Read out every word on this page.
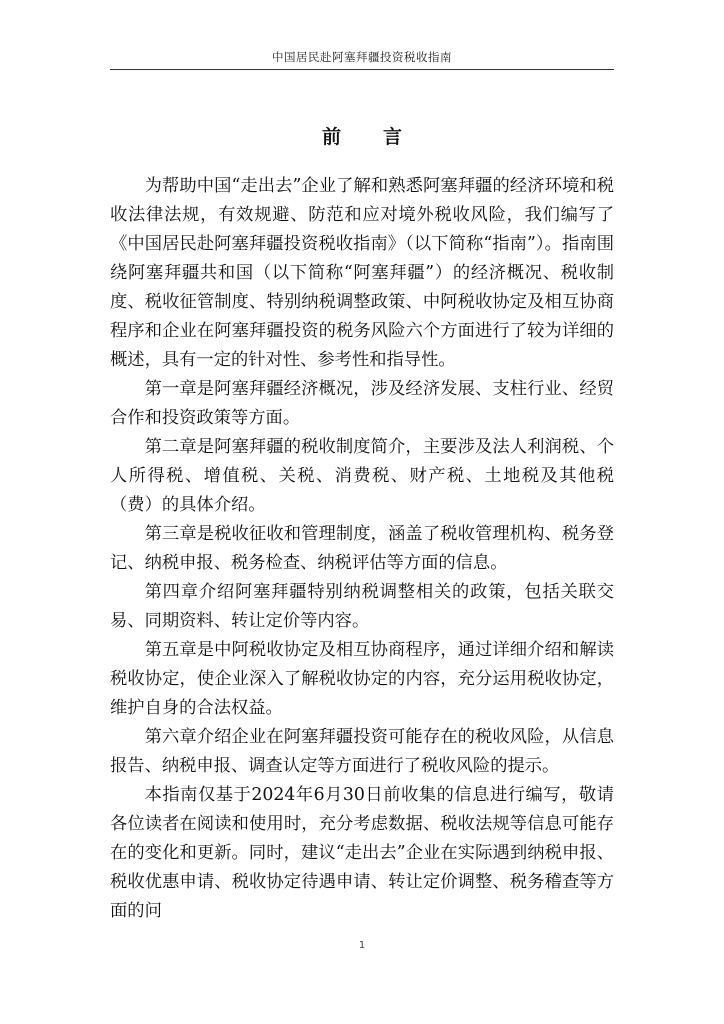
中国居民赴阿塞拜疆投资税收指南
前 言

为帮助中国“走出去”企业了解和熟悉阿塞拜疆的经济环境和税收法律法规，有效规避、防范和应对境外税收风险，我们编写了《中国居民赴阿塞拜疆投资税收指南》（以下简称“指南”）。指南围绕阿塞拜疆共和国（以下简称“阿塞拜疆”）的经济概况、税收制度、税收征管制度、特别纳税调整政策、中阿税收协定及相互协商程序和企业在阿塞拜疆投资的税务风险六个方面进行了较为详细的概述，具有一定的针对性、参考性和指导性。

第一章是阿塞拜疆经济概况，涉及经济发展、支柱行业、经贸合作和投资政策等方面。

第二章是阿塞拜疆的税收制度简介，主要涉及法人利润税、个人所得税、增值税、关税、消费税、财产税、土地税及其他税（费）的具体介绍。

第三章是税收征收和管理制度，涵盖了税收管理机构、税务登记、纳税申报、税务检查、纳税评估等方面的信息。

第四章介绍阿塞拜疆特别纳税调整相关的政策，包括关联交易、同期资料、转让定价等内容。

第五章是中阿税收协定及相互协商程序，通过详细介绍和解读税收协定，使企业深入了解税收协定的内容，充分运用税收协定，维护自身的合法权益。

第六章介绍企业在阿塞拜疆投资可能存在的税收风险，从信息报告、纳税申报、调查认定等方面进行了税收风险的提示。

本指南仅基于2024年6月30日前收集的信息进行编写，敬请各位读者在阅读和使用时，充分考虑数据、税收法规等信息可能存在的变化和更新。同时，建议“走出去”企业在实际遇到纳税申报、税收优惠申请、税收协定待遇申请、转让定价调整、税务稽查等方面的问

1
